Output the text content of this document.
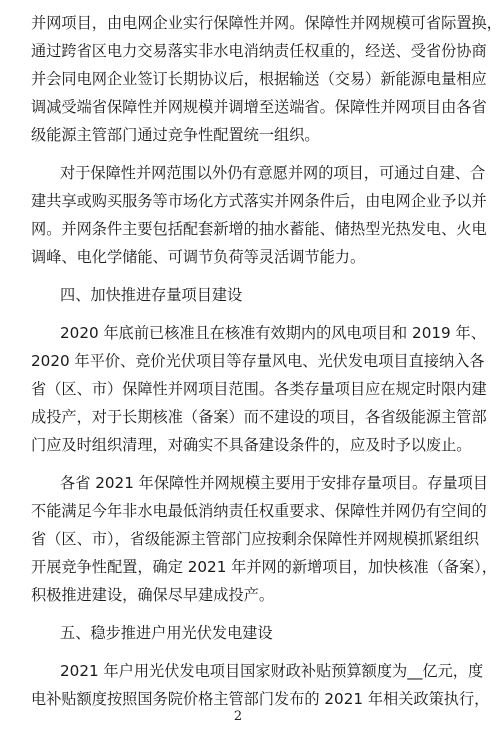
并网项目，由电网企业实行保障性并网。保障性并网规模可省际置换，
通过跨省区电力交易落实非水电消纳责任权重的，经送、受省份协商
并会同电网企业签订长期协议后，根据输送（交易）新能源电量相应
调减受端省保障性并网规模并调增至送端省。保障性并网项目由各省
级能源主管部门通过竞争性配置统一组织。
对于保障性并网范围以外仍有意愿并网的项目，可通过自建、合
建共享或购买服务等市场化方式落实并网条件后，由电网企业予以并
网。并网条件主要包括配套新增的抽水蓄能、储热型光热发电、火电
调峰、电化学储能、可调节负荷等灵活调节能力。
四、加快推进存量项目建设
2020 年底前已核准且在核准有效期内的风电项目和 2019 年、
2020 年平价、竞价光伏项目等存量风电、光伏发电项目直接纳入各
省（区、市）保障性并网项目范围。各类存量项目应在规定时限内建
成投产，对于长期核准（备案）而不建设的项目，各省级能源主管部
门应及时组织清理，对确实不具备建设条件的，应及时予以废止。
各省 2021 年保障性并网规模主要用于安排存量项目。存量项目
不能满足今年非水电最低消纳责任权重要求、保障性并网仍有空间的
省（区、市），省级能源主管部门应按剩余保障性并网规模抓紧组织
开展竞争性配置，确定 2021 年并网的新增项目，加快核准（备案），
积极推进建设，确保尽早建成投产。
五、稳步推进户用光伏发电建设
2021 年户用光伏发电项目国家财政补贴预算额度为__亿元，度
电补贴额度按照国务院价格主管部门发布的 2021 年相关政策执行，
2
